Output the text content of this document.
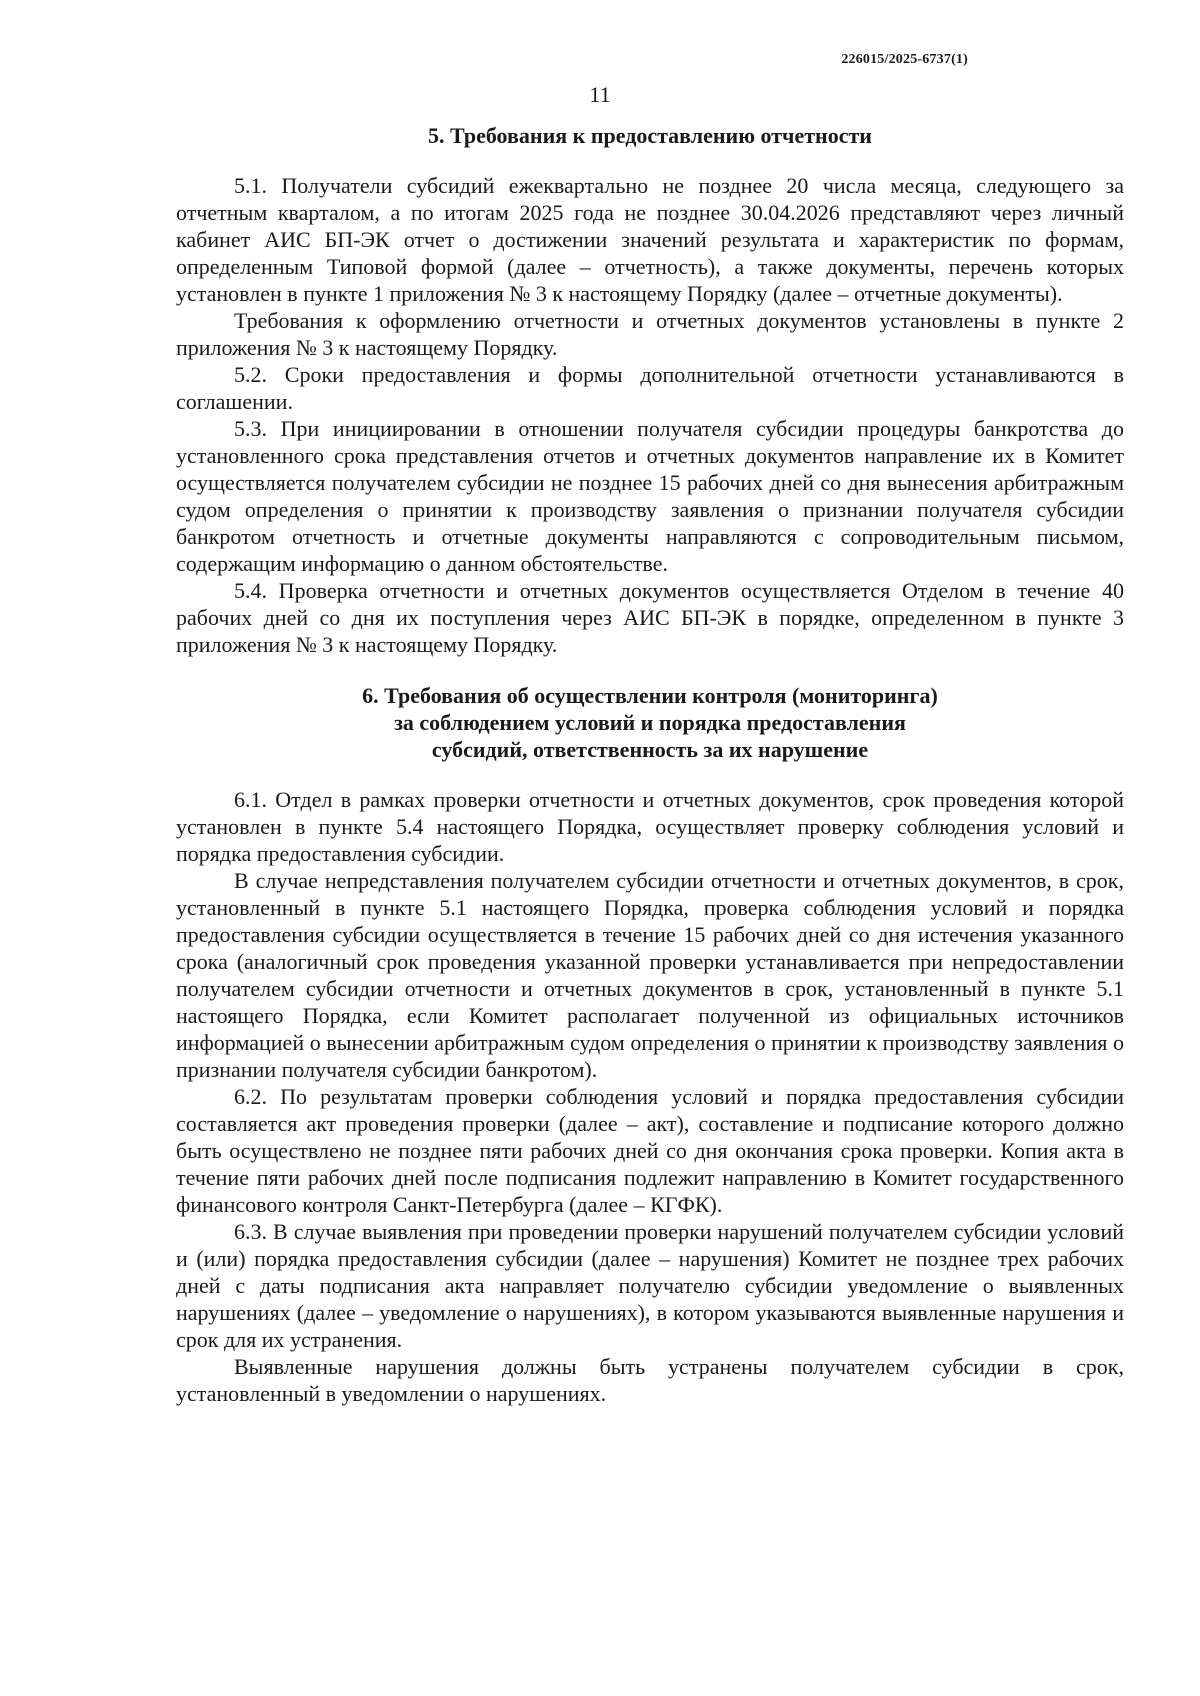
226015/2025-6737(1)
11
5. Требования к предоставлению отчетности

5.1. Получатели субсидий ежеквартально не позднее 20 числа месяца, следующего за отчетным кварталом, а по итогам 2025 года не позднее 30.04.2026 представляют через личный кабинет АИС БП-ЭК отчет о достижении значений результата и характеристик по формам, определенным Типовой формой (далее – отчетность), а также документы, перечень которых установлен в пункте 1 приложения № 3 к настоящему Порядку (далее – отчетные документы).

Требования к оформлению отчетности и отчетных документов установлены в пункте 2 приложения № 3 к настоящему Порядку.

5.2. Сроки предоставления и формы дополнительной отчетности устанавливаются в соглашении.

5.3. При инициировании в отношении получателя субсидии процедуры банкротства до установленного срока представления отчетов и отчетных документов направление их в Комитет осуществляется получателем субсидии не позднее 15 рабочих дней со дня вынесения арбитражным судом определения о принятии к производству заявления о признании получателя субсидии банкротом отчетность и отчетные документы направляются с сопроводительным письмом, содержащим информацию о данном обстоятельстве.

5.4. Проверка отчетности и отчетных документов осуществляется Отделом в течение 40 рабочих дней со дня их поступления через АИС БП-ЭК в порядке, определенном в пункте 3 приложения № 3 к настоящему Порядку.

6. Требования об осуществлении контроля (мониторинга)
за соблюдением условий и порядка предоставления
субсидий, ответственность за их нарушение

6.1. Отдел в рамках проверки отчетности и отчетных документов, срок проведения которой установлен в пункте 5.4 настоящего Порядка, осуществляет проверку соблюдения условий и порядка предоставления субсидии.

В случае непредставления получателем субсидии отчетности и отчетных документов, в срок, установленный в пункте 5.1 настоящего Порядка, проверка соблюдения условий и порядка предоставления субсидии осуществляется в течение 15 рабочих дней со дня истечения указанного срока (аналогичный срок проведения указанной проверки устанавливается при непредоставлении получателем субсидии отчетности и отчетных документов в срок, установленный в пункте 5.1 настоящего Порядка, если Комитет располагает полученной из официальных источников информацией о вынесении арбитражным судом определения о принятии к производству заявления о признании получателя субсидии банкротом).

6.2. По результатам проверки соблюдения условий и порядка предоставления субсидии составляется акт проведения проверки (далее – акт), составление и подписание которого должно быть осуществлено не позднее пяти рабочих дней со дня окончания срока проверки. Копия акта в течение пяти рабочих дней после подписания подлежит направлению в Комитет государственного финансового контроля Санкт-Петербурга (далее – КГФК).

6.3. В случае выявления при проведении проверки нарушений получателем субсидии условий и (или) порядка предоставления субсидии (далее – нарушения) Комитет не позднее трех рабочих дней с даты подписания акта направляет получателю субсидии уведомление о выявленных нарушениях (далее – уведомление о нарушениях), в котором указываются выявленные нарушения и срок для их устранения.

Выявленные нарушения должны быть устранены получателем субсидии в срок, установленный в уведомлении о нарушениях.
